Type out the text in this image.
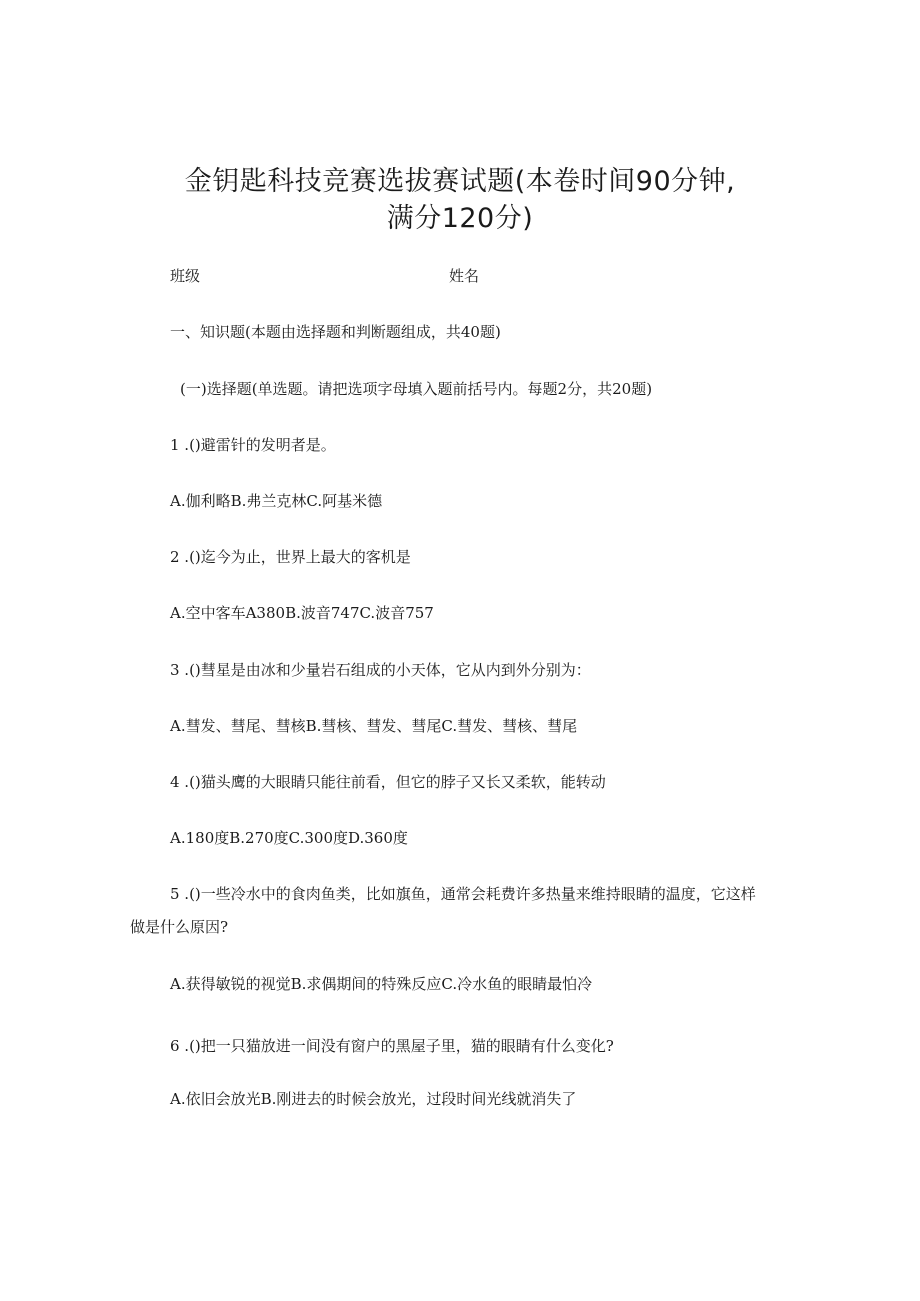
金钥匙科技竞赛选拔赛试题(本卷时间90分钟,
满分120分)

班级	姓名

一、知识题(本题由选择题和判断题组成，共40题)

(一)选择题(单选题。请把选项字母填入题前括号内。每题2分，共20题)

1 .()避雷针的发明者是。

A.伽利略B.弗兰克林C.阿基米德

2 .()迄今为止，世界上最大的客机是

A.空中客车A380B.波音747C.波音757

3 .()彗星是由冰和少量岩石组成的小天体，它从内到外分别为：

A.彗发、彗尾、彗核B.彗核、彗发、彗尾C.彗发、彗核、彗尾

4 .()猫头鹰的大眼睛只能往前看，但它的脖子又长又柔软，能转动

A.180度B.270度C.300度D.360度

5 .()一些冷水中的食肉鱼类，比如旗鱼，通常会耗费许多热量来维持眼睛的温度，它这样

做是什么原因?

A.获得敏锐的视觉B.求偶期间的特殊反应C.冷水鱼的眼睛最怕冷

6 .()把一只猫放进一间没有窗户的黑屋子里，猫的眼睛有什么变化?

A.依旧会放光B.刚进去的时候会放光，过段时间光线就消失了
